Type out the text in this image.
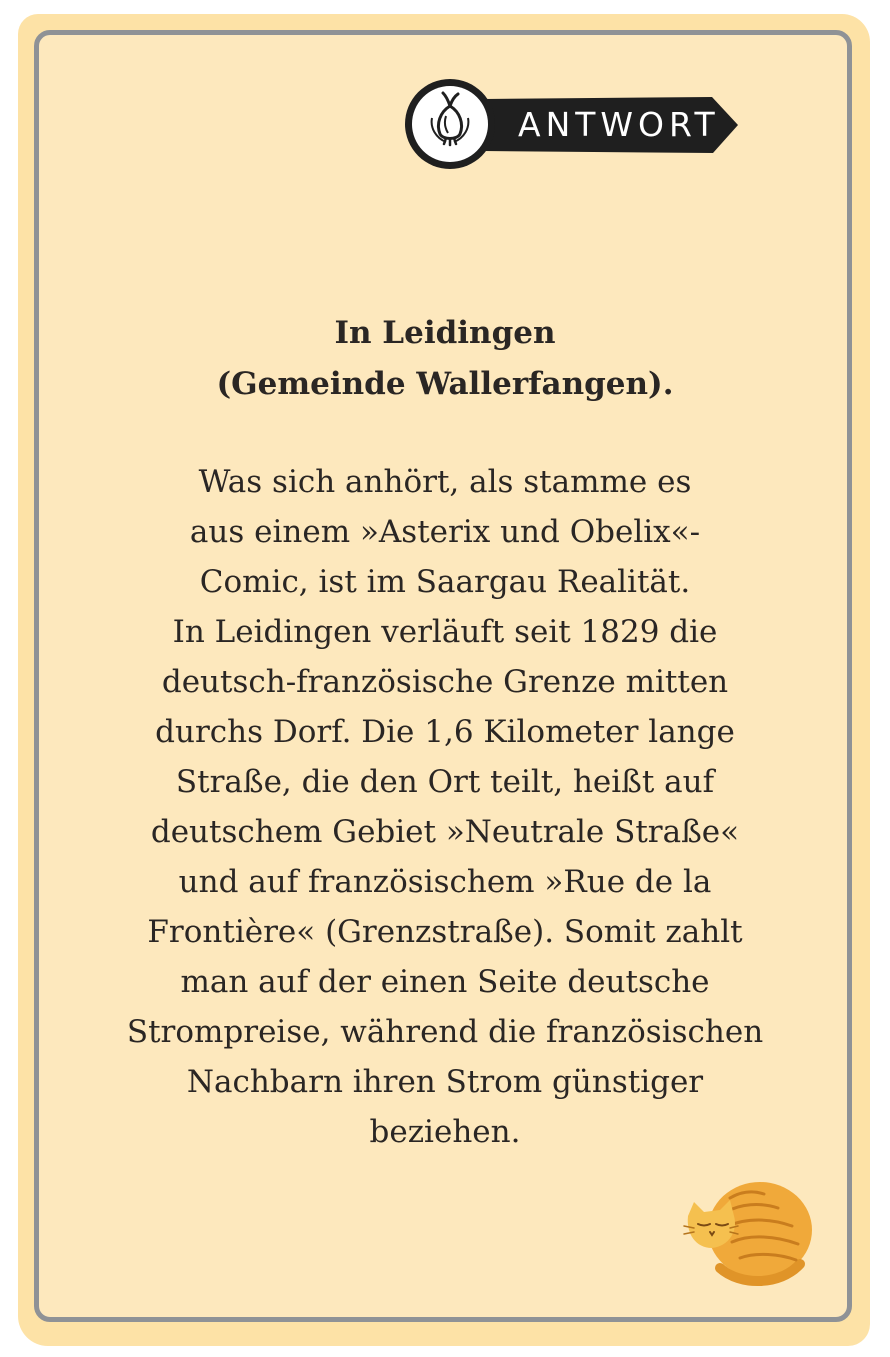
ANTWORT
In Leidingen
(Gemeinde Wallerfangen).
Was sich anhört, als stamme es
aus einem »Asterix und Obelix«-
Comic, ist im Saargau Realität.
In Leidingen verläuft seit 1829 die
deutsch-französische Grenze mitten
durchs Dorf. Die 1,6 Kilometer lange
Straße, die den Ort teilt, heißt auf
deutschem Gebiet »Neutrale Straße«
und auf französischem »Rue de la
Frontière« (Grenzstraße). Somit zahlt
man auf der einen Seite deutsche
Strompreise, während die französischen
Nachbarn ihren Strom günstiger
beziehen.
